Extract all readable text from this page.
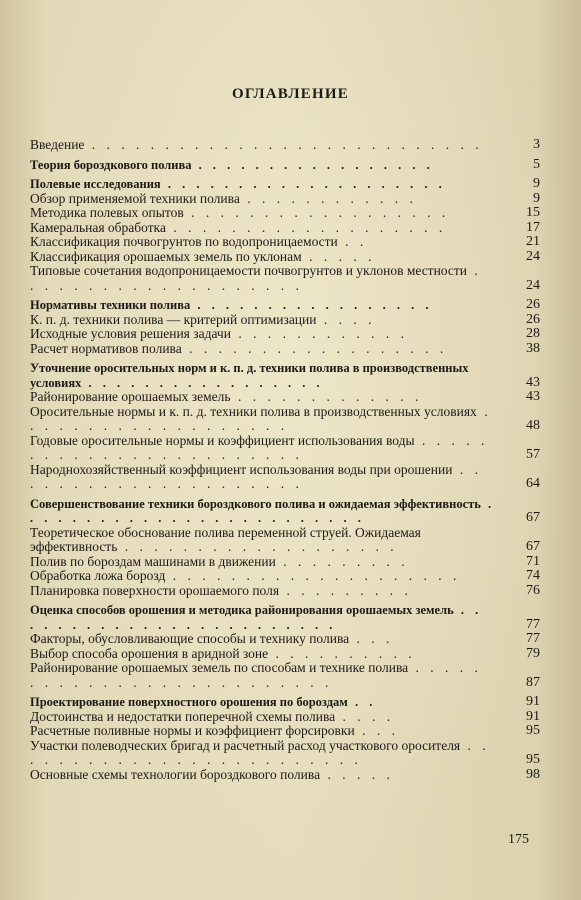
ОГЛАВЛЕНИЕ
Введение . . . . . . . . . . . . . . . . . . . . . . . . . . .	3
Теория бороздкового полива . . . . . . . . . . . . . . . . .	5
Полевые исследования . . . . . . . . . . . . . . . . . . . .	9
Обзор применяемой техники полива . . . . . . . . . . . .	9
Методика полевых опытов . . . . . . . . . . . . . . . . . .	15
Камеральная обработка . . . . . . . . . . . . . . . . . . .	17
Классификация почвогрунтов по водопроницаемости . .	21
Классификация орошаемых земель по уклонам . . . . .	24
Типовые сочетания водопроницаемости почвогрунтов и уклонов местности . . . . . . . . . . . . . . . . . . . .	24
Нормативы техники полива . . . . . . . . . . . . . . . . .	26
К. п. д. техники полива — критерий оптимизации . . . .	26
Исходные условия решения задачи . . . . . . . . . . . .	28
Расчет нормативов полива . . . . . . . . . . . . . . . . . .	38
Уточнение оросительных норм и к. п. д. техники полива в производственных условиях . . . . . . . . . . . . . . . . .	43
Районирование орошаемых земель . . . . . . . . . . . . .	43
Оросительные нормы и к. п. д. техники полива в производственных условиях . . . . . . . . . . . . . . . . . . .	48
Годовые оросительные нормы и коэффициент использования воды . . . . . . . . . . . . . . . . . . . . . . . .	57
Народнохозяйственный коэффициент использования воды при орошении . . . . . . . . . . . . . . . . . . . . .	64
Совершенствование техники бороздкового полива и ожидаемая эффективность . . . . . . . . . . . . . . . . . . . . . . . . .	67
Теоретическое обоснование полива переменной струей. Ожидаемая эффективность . . . . . . . . . . . . . . . . . . .	67
Полив по бороздам машинами в движении . . . . . . . . .	71
Обработка ложа борозд . . . . . . . . . . . . . . . . . . . .	74
Планировка поверхности орошаемого поля . . . . . . . . .	76
Оценка способов орошения и методика районирования орошаемых земель . . . . . . . . . . . . . . . . . . . . . . . .	77
Факторы, обусловливающие способы и технику полива . . .	77
Выбор способа орошения в аридной зоне . . . . . . . . . .	79
Районирование орошаемых земель по способам и технике полива . . . . . . . . . . . . . . . . . . . . . . . . . .	87
Проектирование поверхностного орошения по бороздам . .	91
Достоинства и недостатки поперечной схемы полива . . . .	91
Расчетные поливные нормы и коэффициент форсировки . . .	95
Участки полеводческих бригад и расчетный расход участкового оросителя . . . . . . . . . . . . . . . . . . . . . . . . .	95
Основные схемы технологии бороздкового полива . . . . .	98
175
